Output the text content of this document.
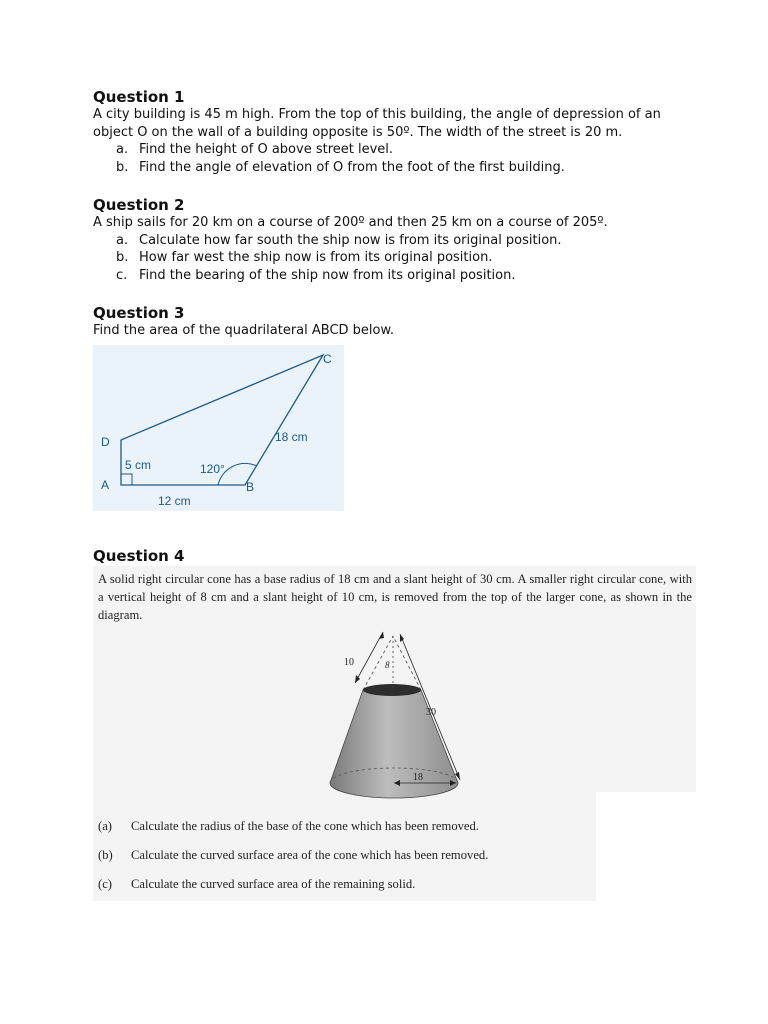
Question 1

A city building is 45 m high. From the top of this building, the angle of depression of an object O on the wall of a building opposite is 50º. The width of the street is 20 m.

a. Find the height of O above street level.
b. Find the angle of elevation of O from the foot of the first building.

Question 2

A ship sails for 20 km on a course of 200º and then 25 km on a course of 205º.

a. Calculate how far south the ship now is from its original position.
b. How far west the ship now is from its original position.
c. Find the bearing of the ship now from its original position.

Question 3

Find the area of the quadrilateral ABCD below.

D
A	B
C
5 cm	120°
12 cm
18 cm

Question 4

A solid right circular cone has a base radius of 18 cm and a slant height of 30 cm. A smaller right circular cone, with a vertical height of 8 cm and a slant height of 10 cm, is removed from the top of the larger cone, as shown in the diagram.
10	8
30
18
(a)	Calculate the radius of the base of the cone which has been removed.
(b)	Calculate the curved surface area of the cone which has been removed.
(c)	Calculate the curved surface area of the remaining solid.
